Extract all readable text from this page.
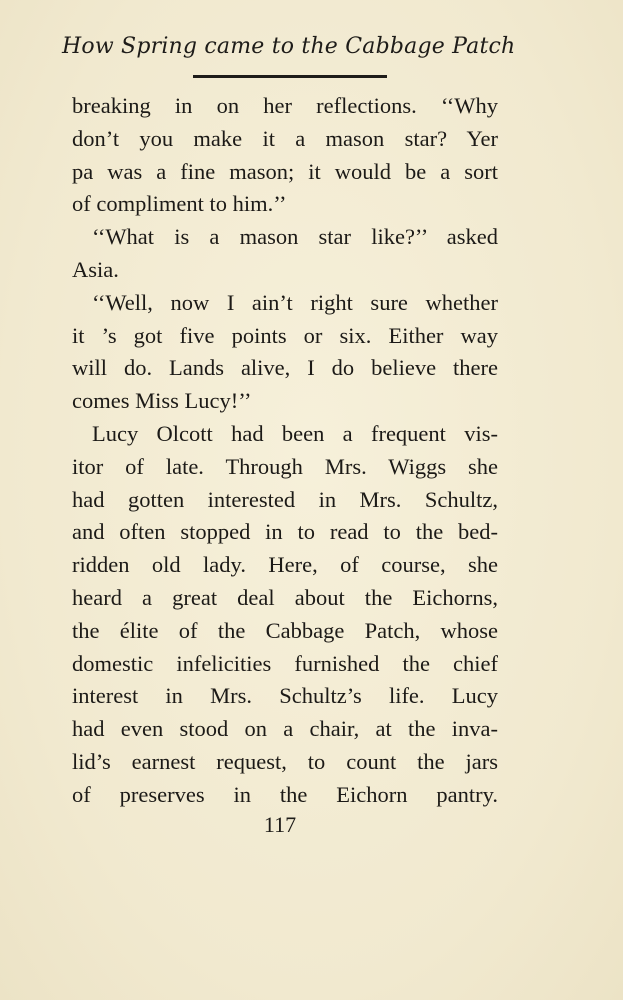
How Spring came to the Cabbage Patch
breaking in on her reflections. ‘‘Why
don’t you make it a mason star? Yer
pa was a fine mason; it would be a sort
of compliment to him.’’
‘‘What is a mason star like?’’ asked
Asia.
‘‘Well, now I ain’t right sure whether
it ’s got five points or six. Either way
will do. Lands alive, I do believe there
comes Miss Lucy!’’
Lucy Olcott had been a frequent vis-
itor of late. Through Mrs. Wiggs she
had gotten interested in Mrs. Schultz,
and often stopped in to read to the bed-
ridden old lady. Here, of course, she
heard a great deal about the Eichorns,
the élite of the Cabbage Patch, whose
domestic infelicities furnished the chief
interest in Mrs. Schultz’s life. Lucy
had even stood on a chair, at the inva-
lid’s earnest request, to count the jars
of preserves in the Eichorn pantry.
117
